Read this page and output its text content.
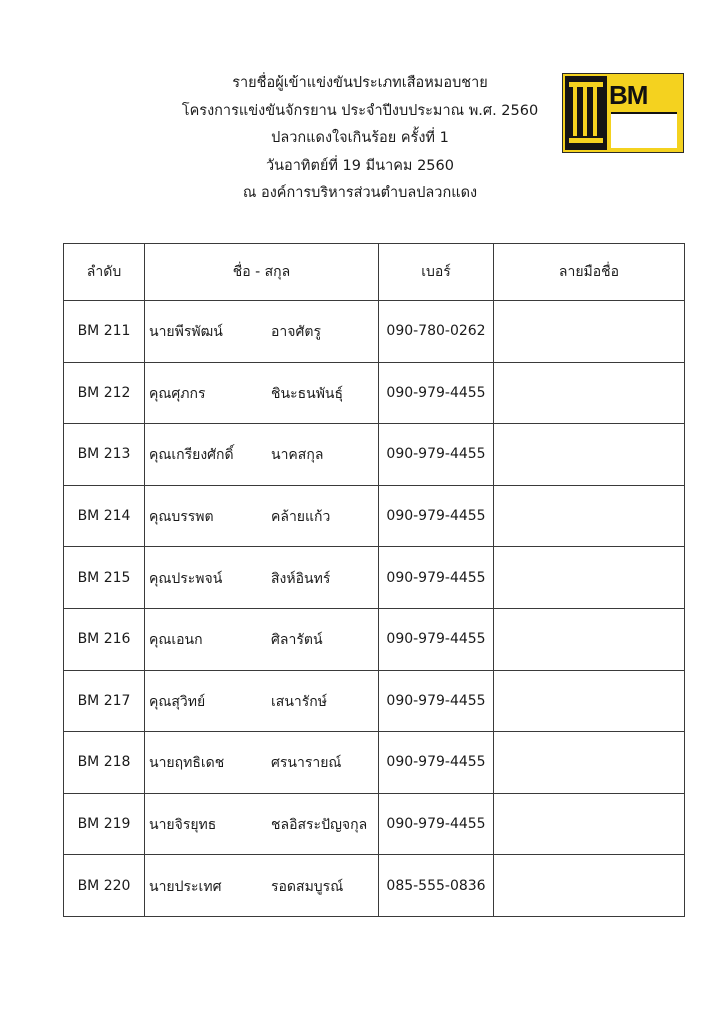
รายชื่อผู้เข้าแข่งขันประเภทเสือหมอบชาย
โครงการแข่งขันจักรยาน ประจำปีงบประมาณ พ.ศ. 2560
ปลวกแดงใจเกินร้อย ครั้งที่ 1
วันอาทิตย์ที่ 19 มีนาคม 2560
ณ องค์การบริหารส่วนตำบลปลวกแดง
BM
ลำดับ	ชื่อ - สกุล	เบอร์	ลายมือชื่อ
BM 211	นายพีรพัฒน์ อาจศัตรู	090-780-0262	
BM 212	คุณศุภกร ชินะธนพันธุ์	090-979-4455	
BM 213	คุณเกรียงศักดิ์ นาคสกุล	090-979-4455	
BM 214	คุณบรรพต คล้ายแก้ว	090-979-4455	
BM 215	คุณประพจน์ สิงห์อินทร์	090-979-4455	
BM 216	คุณเอนก ศิลารัตน์	090-979-4455	
BM 217	คุณสุวิทย์ เสนารักษ์	090-979-4455	
BM 218	นายฤทธิเดช ศรนารายณ์	090-979-4455	
BM 219	นายจิรยุทธ ชลอิสระปัญจกุล	090-979-4455	
BM 220	นายประเทศ รอดสมบูรณ์	085-555-0836	
